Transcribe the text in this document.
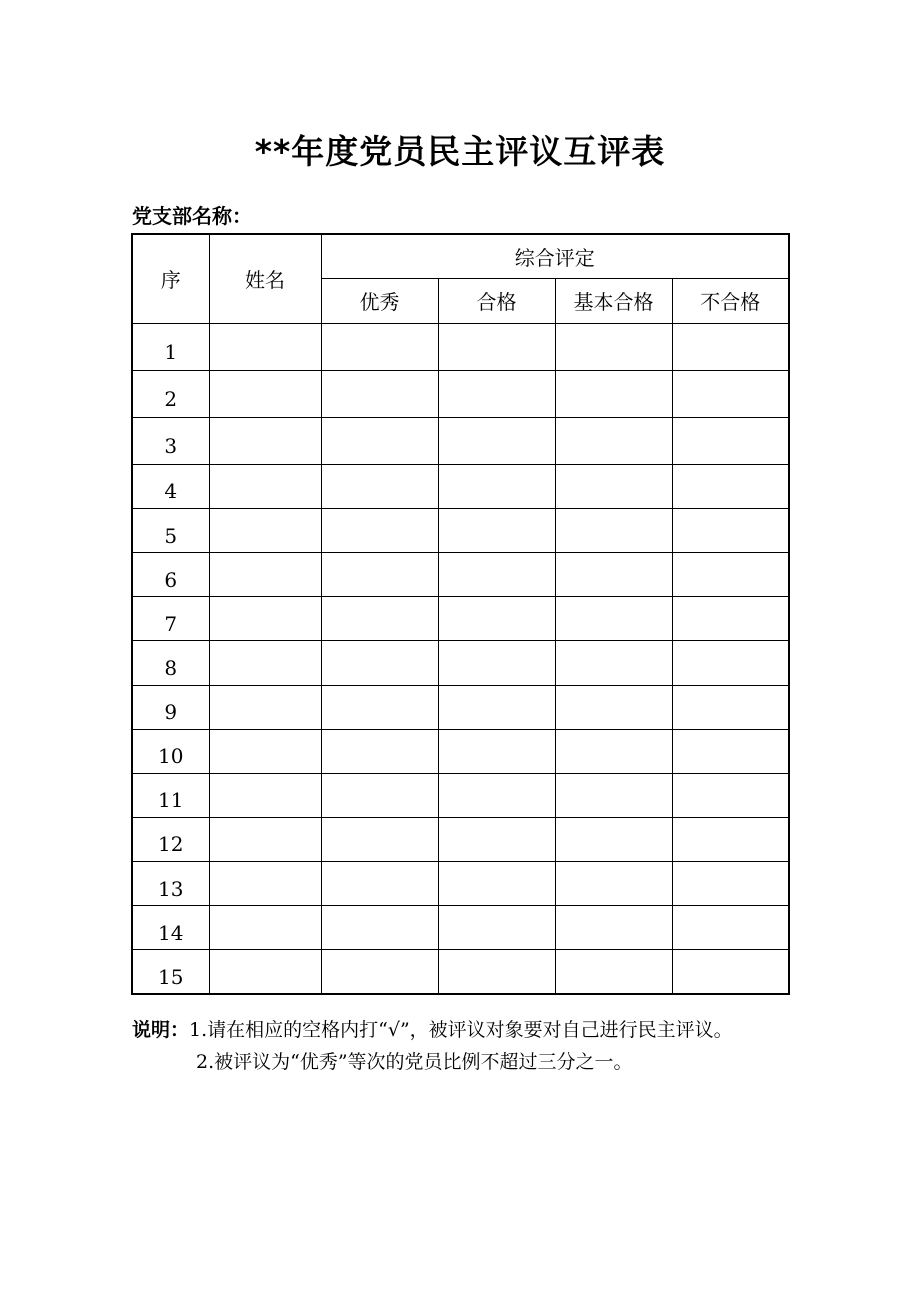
**年度党员民主评议互评表
党支部名称：
序	姓名	综合评定			
		优秀	合格	基本合格	不合格
1					
2					
3					
4					
5					
6					
7					
8					
9					
10					
11					
12					
13					
14					
15					
说明：1.请在相应的空格内打“√”，被评议对象要对自己进行民主评议。
2.被评议为“优秀”等次的党员比例不超过三分之一。
